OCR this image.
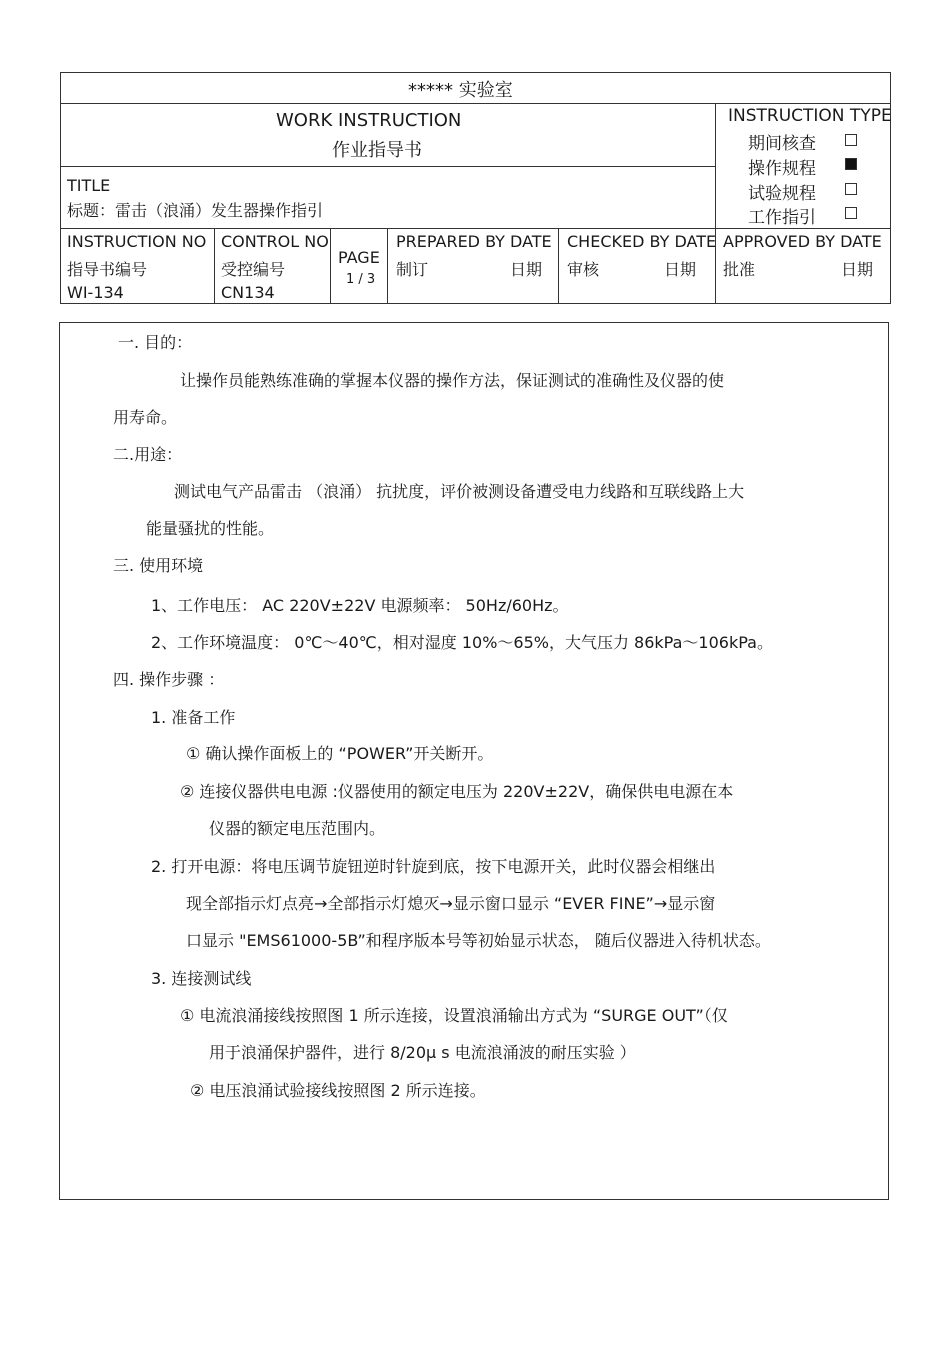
***** 实验室
WORK INSTRUCTION
作业指导书
INSTRUCTION TYPE
期间核查
操作规程
试验规程
工作指引
TITLE
标题：雷击（浪涌）发生器操作指引
INSTRUCTION NO
指导书编号
WI-134
CONTROL NO
受控编号
CN134
PAGE
1 / 3
PREPARED BY DATE
制订	日期
CHECKED BY DATE
审核	日期
APPROVED BY DATE
批准	日期
一. 目的：
让操作员能熟练准确的掌握本仪器的操作方法，保证测试的准确性及仪器的使
用寿命。
二.用途：
测试电气产品雷击 （浪涌） 抗扰度，评价被测设备遭受电力线路和互联线路上大
能量骚扰的性能。
三. 使用环境
1、工作电压： AC 220V±22V 电源频率： 50Hz/60Hz。
2、工作环境温度： 0℃～40℃，相对湿度 10%～65%，大气压力 86kPa～106kPa。
四. 操作步骤 ：
1. 准备工作
① 确认操作面板上的 “POWER”开关断开。
② 连接仪器供电电源 :仪器使用的额定电压为 220V±22V，确保供电电源在本
仪器的额定电压范围内。
2. 打开电源：将电压调节旋钮逆时针旋到底，按下电源开关，此时仪器会相继出
现全部指示灯点亮→全部指示灯熄灭→显示窗口显示 “EVER FINE”→显示窗
口显示 "EMS61000-5B”和程序版本号等初始显示状态， 随后仪器进入待机状态。
3. 连接测试线
① 电流浪涌接线按照图 1 所示连接，设置浪涌输出方式为 “SURGE OUT”（仅
用于浪涌保护器件，进行 8/20μ s 电流浪涌波的耐压实验 ）
② 电压浪涌试验接线按照图 2 所示连接。
